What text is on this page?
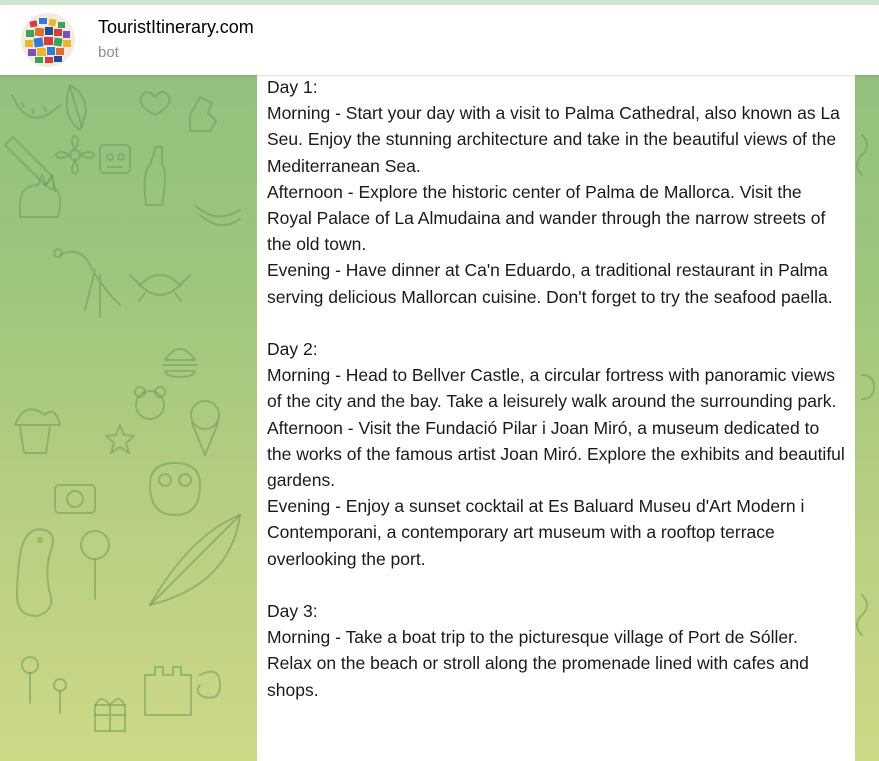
TouristItinerary.com
bot

Day 1:
Morning - Start your day with a visit to Palma Cathedral, also known as La Seu. Enjoy the stunning architecture and take in the beautiful views of the Mediterranean Sea.
Afternoon - Explore the historic center of Palma de Mallorca. Visit the Royal Palace of La Almudaina and wander through the narrow streets of the old town.
Evening - Have dinner at Ca'n Eduardo, a traditional restaurant in Palma serving delicious Mallorcan cuisine. Don't forget to try the seafood paella.

Day 2:
Morning - Head to Bellver Castle, a circular fortress with panoramic views of the city and the bay. Take a leisurely walk around the surrounding park.
Afternoon - Visit the Fundació Pilar i Joan Miró, a museum dedicated to the works of the famous artist Joan Miró. Explore the exhibits and beautiful gardens.
Evening - Enjoy a sunset cocktail at Es Baluard Museu d'Art Modern i Contemporani, a contemporary art museum with a rooftop terrace overlooking the port.

Day 3:
Morning - Take a boat trip to the picturesque village of Port de Sóller. Relax on the beach or stroll along the promenade lined with cafes and shops.
